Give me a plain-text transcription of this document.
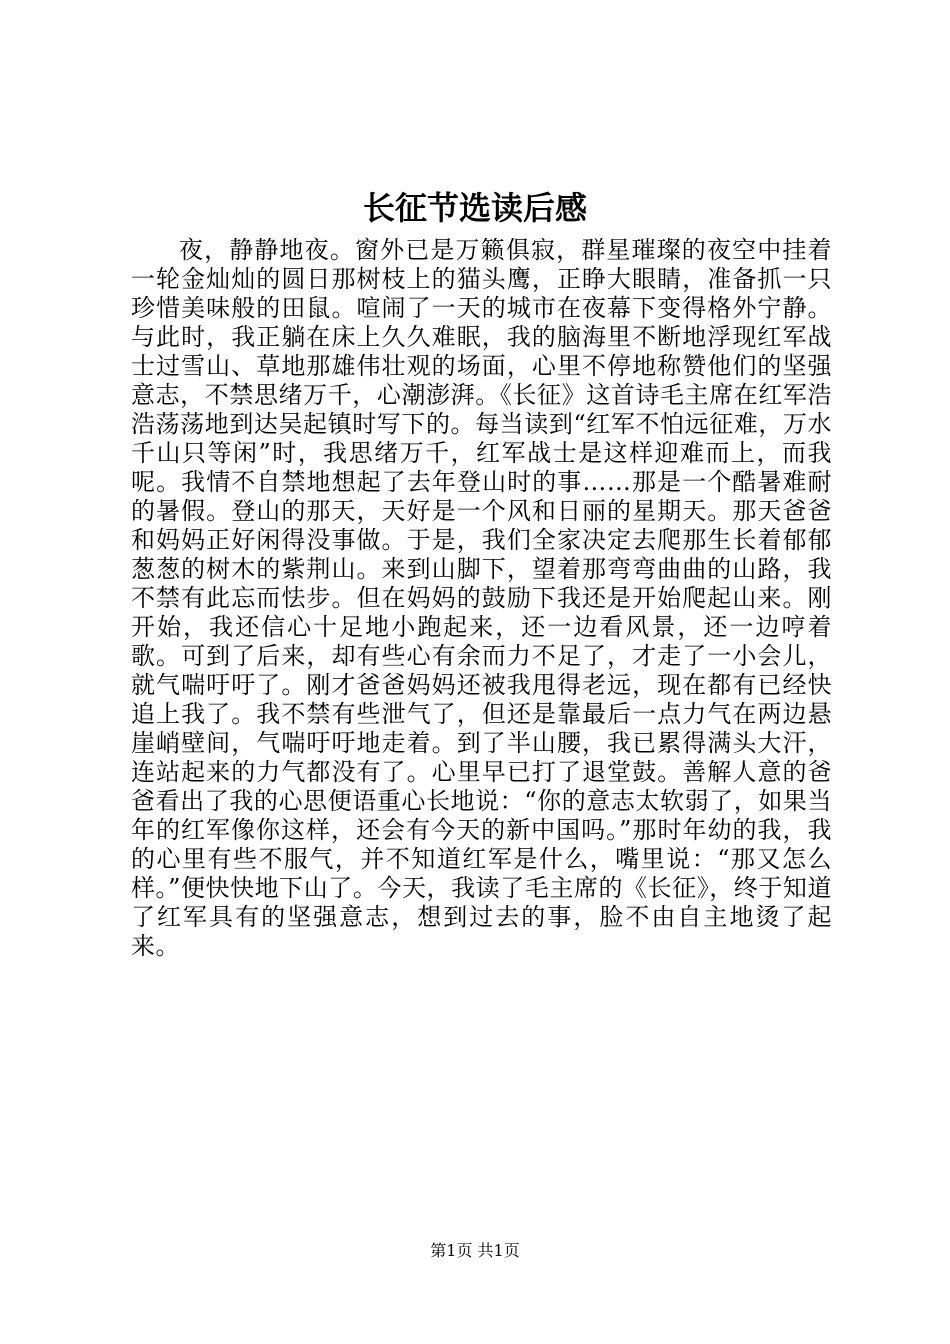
长征节选读后感

夜，静静地夜。窗外已是万籁俱寂，群星璀璨的夜空中挂着一轮金灿灿的圆日那树枝上的猫头鹰，正睁大眼睛，准备抓一只珍惜美味般的田鼠。喧闹了一天的城市在夜幕下变得格外宁静。与此时，我正躺在床上久久难眠，我的脑海里不断地浮现红军战士过雪山、草地那雄伟壮观的场面，心里不停地称赞他们的坚强意志，不禁思绪万千，心潮澎湃。《长征》这首诗毛主席在红军浩浩荡荡地到达吴起镇时写下的。每当读到“红军不怕远征难，万水千山只等闲”时，我思绪万千，红军战士是这样迎难而上，而我呢。我情不自禁地想起了去年登山时的事……那是一个酷暑难耐的暑假。登山的那天，天好是一个风和日丽的星期天。那天爸爸和妈妈正好闲得没事做。于是，我们全家决定去爬那生长着郁郁葱葱的树木的紫荆山。来到山脚下，望着那弯弯曲曲的山路，我不禁有此忘而怯步。但在妈妈的鼓励下我还是开始爬起山来。刚开始，我还信心十足地小跑起来，还一边看风景，还一边哼着歌。可到了后来，却有些心有余而力不足了，才走了一小会儿，就气喘吁吁了。刚才爸爸妈妈还被我甩得老远，现在都有已经快追上我了。我不禁有些泄气了，但还是靠最后一点力气在两边悬崖峭壁间，气喘吁吁地走着。到了半山腰，我已累得满头大汗，连站起来的力气都没有了。心里早已打了退堂鼓。善解人意的爸爸看出了我的心思便语重心长地说：“你的意志太软弱了，如果当年的红军像你这样，还会有今天的新中国吗。”那时年幼的我，我的心里有些不服气，并不知道红军是什么，嘴里说：“那又怎么样。”便快快地下山了。今天，我读了毛主席的《长征》，终于知道了红军具有的坚强意志，想到过去的事，脸不由自主地烫了起来。

第1页 共1页
